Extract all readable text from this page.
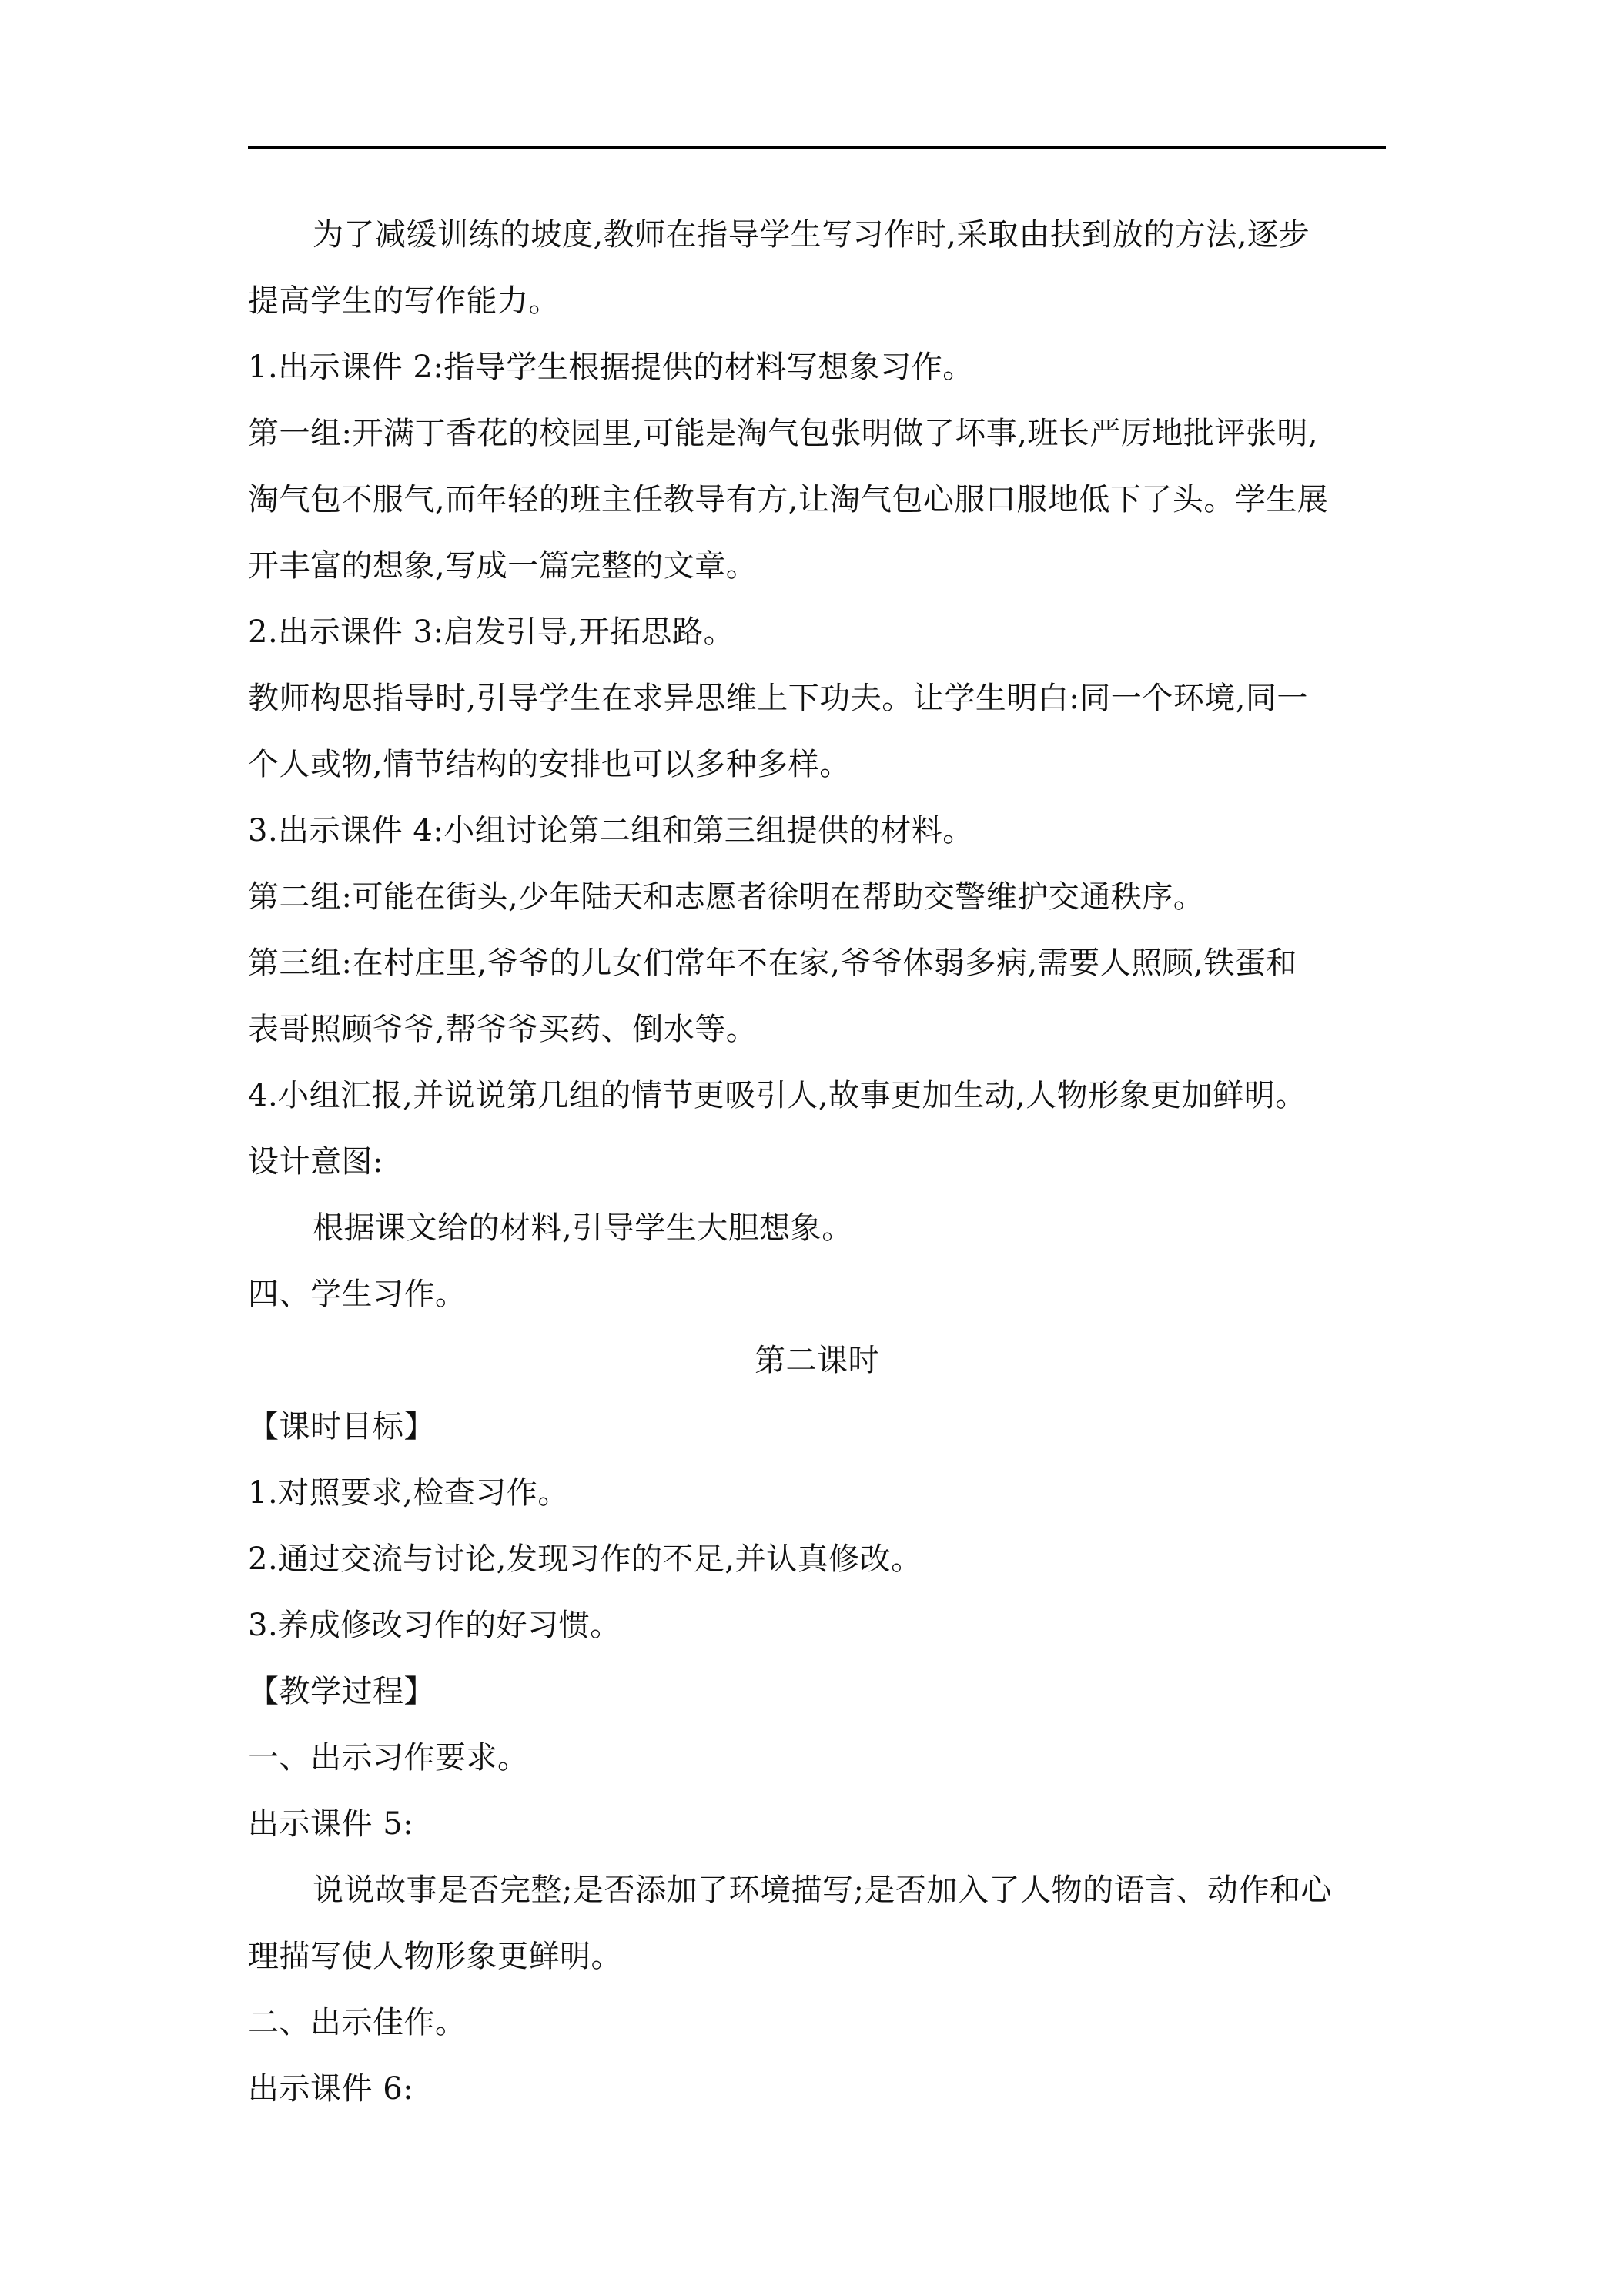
为了减缓训练的坡度,教师在指导学生写习作时,采取由扶到放的方法,逐步
提高学生的写作能力。
1.出示课件 2:指导学生根据提供的材料写想象习作。
第一组:开满丁香花的校园里,可能是淘气包张明做了坏事,班长严厉地批评张明,
淘气包不服气,而年轻的班主任教导有方,让淘气包心服口服地低下了头。学生展
开丰富的想象,写成一篇完整的文章。
2.出示课件 3:启发引导,开拓思路。
教师构思指导时,引导学生在求异思维上下功夫。让学生明白:同一个环境,同一
个人或物,情节结构的安排也可以多种多样。
3.出示课件 4:小组讨论第二组和第三组提供的材料。
第二组:可能在街头,少年陆天和志愿者徐明在帮助交警维护交通秩序。
第三组:在村庄里,爷爷的儿女们常年不在家,爷爷体弱多病,需要人照顾,铁蛋和
表哥照顾爷爷,帮爷爷买药、倒水等。
4.小组汇报,并说说第几组的情节更吸引人,故事更加生动,人物形象更加鲜明。
设计意图:
根据课文给的材料,引导学生大胆想象。
四、学生习作。
第二课时
【课时目标】
1.对照要求,检查习作。
2.通过交流与讨论,发现习作的不足,并认真修改。
3.养成修改习作的好习惯。
【教学过程】
一、出示习作要求。
出示课件 5:
说说故事是否完整;是否添加了环境描写;是否加入了人物的语言、动作和心
理描写使人物形象更鲜明。
二、出示佳作。
出示课件 6:
